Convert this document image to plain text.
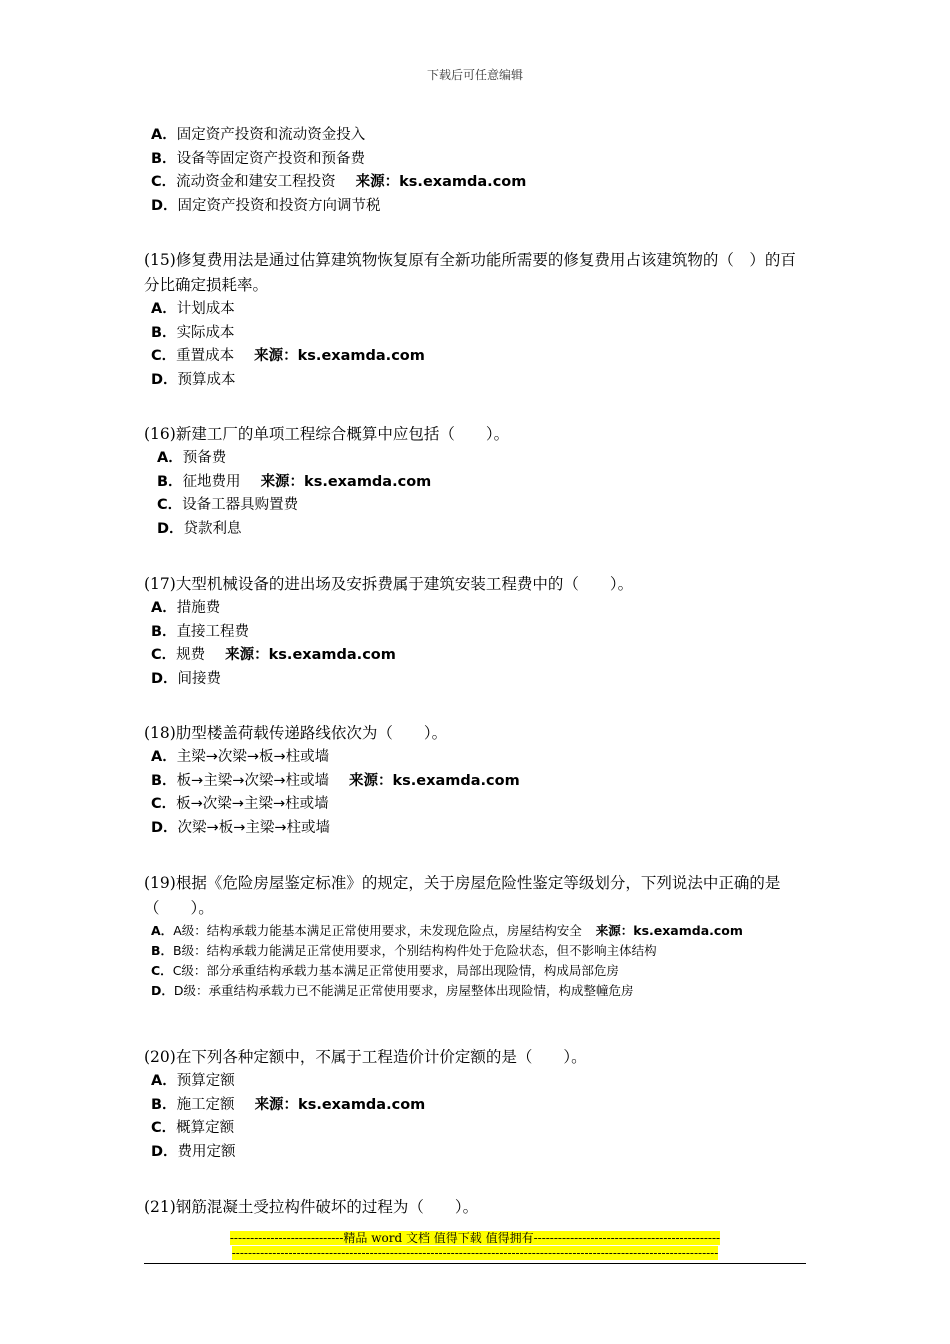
下载后可任意编辑

A．固定资产投资和流动资金投入

B．设备等固定资产投资和预备费

C．流动资金和建安工程投资 来源：ks.examda.com

D．固定资产投资和投资方向调节税

(15)修复费用法是通过估算建筑物恢复原有全新功能所需要的修复费用占该建筑物的（　）的百分比确定损耗率。

A．计划成本

B．实际成本

C．重置成本 来源：ks.examda.com

D．预算成本

(16)新建工厂的单项工程综合概算中应包括（　　）。

A．预备费

B．征地费用 来源：ks.examda.com

C．设备工器具购置费

D．贷款利息

(17)大型机械设备的进出场及安拆费属于建筑安装工程费中的（　　）。

A．措施费

B．直接工程费

C．规费 来源：ks.examda.com

D．间接费

(18)肋型楼盖荷载传递路线依次为（　　）。

A．主梁→次梁→板→柱或墙

B．板→主梁→次梁→柱或墙 来源：ks.examda.com

C．板→次梁→主梁→柱或墙

D．次梁→板→主梁→柱或墙

(19)根据《危险房屋鉴定标准》的规定，关于房屋危险性鉴定等级划分，下列说法中正确的是（　　）。

A．A级：结构承载力能基本满足正常使用要求，未发现危险点，房屋结构安全 来源：ks.examda.com

B．B级：结构承载力能满足正常使用要求，个别结构构件处于危险状态，但不影响主体结构

C．C级：部分承重结构承载力基本满足正常使用要求，局部出现险情，构成局部危房

D．D级：承重结构承载力已不能满足正常使用要求，房屋整体出现险情，构成整幢危房

(20)在下列各种定额中，不属于工程造价计价定额的是（　　）。

A．预算定额

B．施工定额 来源：ks.examda.com

C．概算定额

D．费用定额

(21)钢筋混凝土受拉构件破坏的过程为（　　）。

----------------------------精品 word 文档 值得下载 值得拥有----------------------------------------------
------------------------------------------------------------------------------------------------------------------------
